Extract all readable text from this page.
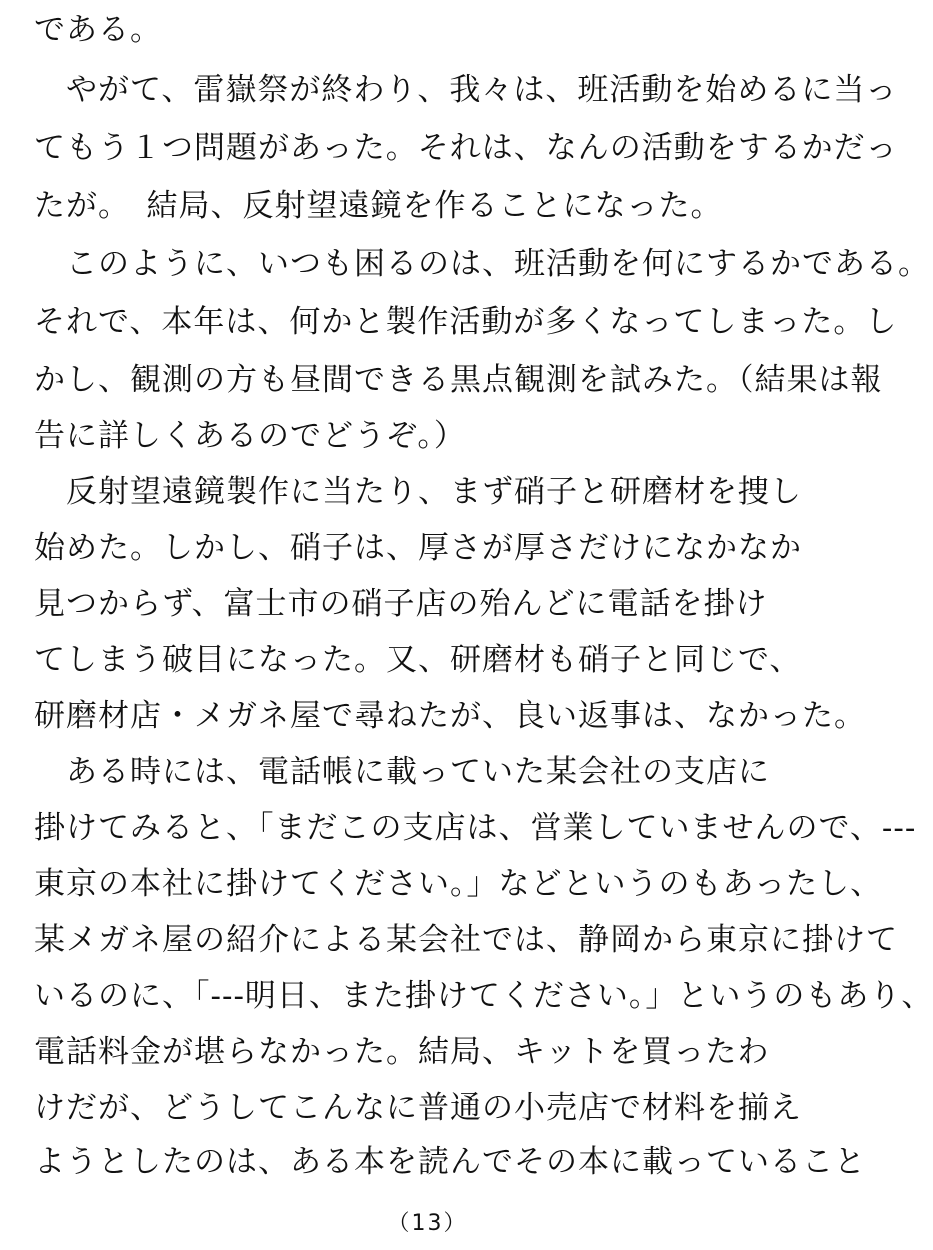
である。
　やがて、雷嶽祭が終わり、我々は、班活動を始めるに当っ
てもう１つ問題があった。それは、なんの活動をするかだっ
たが。　結局、反射望遠鏡を作ることになった。
　このように、いつも困るのは、班活動を何にするかである。
それで、本年は、何かと製作活動が多くなってしまった。し
かし、観測の方も昼間できる黒点観測を試みた。（結果は報
告に詳しくあるのでどうぞ。）
　反射望遠鏡製作に当たり、まず硝子と研磨材を捜し
始めた。しかし、硝子は、厚さが厚さだけになかなか
見つからず、富士市の硝子店の殆んどに電話を掛け
てしまう破目になった。又、研磨材も硝子と同じで、
研磨材店・メガネ屋で尋ねたが、良い返事は、なかった。
　ある時には、電話帳に載っていた某会社の支店に
掛けてみると、「まだこの支店は、営業していませんので、‐‐‐
東京の本社に掛けてください。」などというのもあったし、
某メガネ屋の紹介による某会社では、静岡から東京に掛けて
いるのに、「‐‐‐明日、また掛けてください。」というのもあり、
電話料金が堪らなかった。結局、キットを買ったわ
けだが、どうしてこんなに普通の小売店で材料を揃え
ようとしたのは、ある本を読んでその本に載っていること
（13）
